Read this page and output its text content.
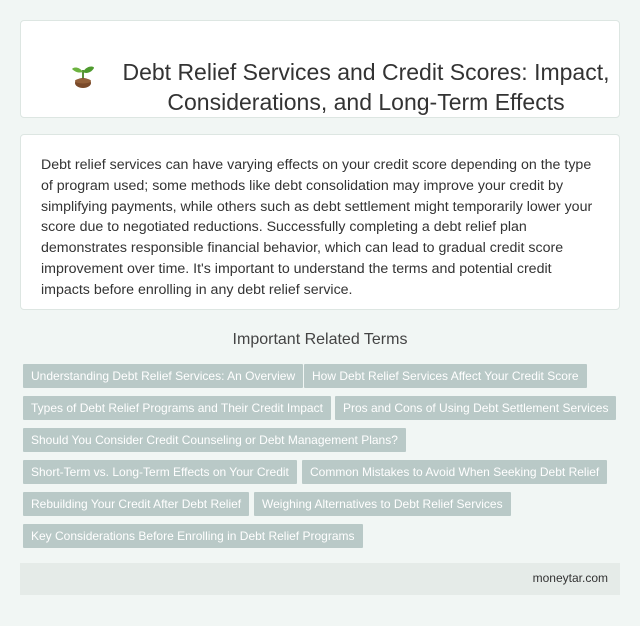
Debt Relief Services and Credit Scores: Impact, Considerations, and Long-Term Effects

Debt relief services can have varying effects on your credit score depending on the type of program used; some methods like debt consolidation may improve your credit by simplifying payments, while others such as debt settlement might temporarily lower your score due to negotiated reductions. Successfully completing a debt relief plan demonstrates responsible financial behavior, which can lead to gradual credit score improvement over time. It's important to understand the terms and potential credit impacts before enrolling in any debt relief service.

Important Related Terms
Understanding Debt Relief Services: An Overview	How Debt Relief Services Affect Your Credit Score
Types of Debt Relief Programs and Their Credit Impact	Pros and Cons of Using Debt Settlement Services
Should You Consider Credit Counseling or Debt Management Plans?
Short-Term vs. Long-Term Effects on Your Credit	Common Mistakes to Avoid When Seeking Debt Relief
Rebuilding Your Credit After Debt Relief	Weighing Alternatives to Debt Relief Services
Key Considerations Before Enrolling in Debt Relief Programs
moneytar.com
